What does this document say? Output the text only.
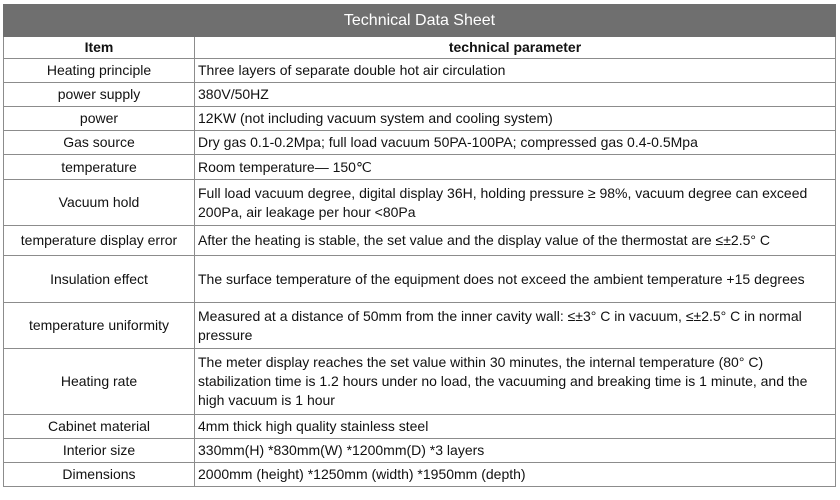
Technical Data Sheet	
Item	technical parameter
Heating principle	Three layers of separate double hot air circulation
power supply	380V/50HZ
power	12KW (not including vacuum system and cooling system)
Gas source	Dry gas 0.1-0.2Mpa; full load vacuum 50PA-100PA; compressed gas 0.4-0.5Mpa
temperature	Room temperature— 150℃
Vacuum hold	Full load vacuum degree, digital display 36H, holding pressure ≥ 98%, vacuum degree can exceed 200Pa, air leakage per hour <80Pa
temperature display error	After the heating is stable, the set value and the display value of the thermostat are ≤±2.5° C
Insulation effect	The surface temperature of the equipment does not exceed the ambient temperature +15 degrees
temperature uniformity	Measured at a distance of 50mm from the inner cavity wall: ≤±3° C in vacuum, ≤±2.5° C in normal pressure
Heating rate	The meter display reaches the set value within 30 minutes, the internal temperature (80° C) stabilization time is 1.2 hours under no load, the vacuuming and breaking time is 1 minute, and the high vacuum is 1 hour
Cabinet material	4mm thick high quality stainless steel
Interior size	330mm(H) *830mm(W) *1200mm(D) *3 layers
Dimensions	2000mm (height) *1250mm (width) *1950mm (depth)
